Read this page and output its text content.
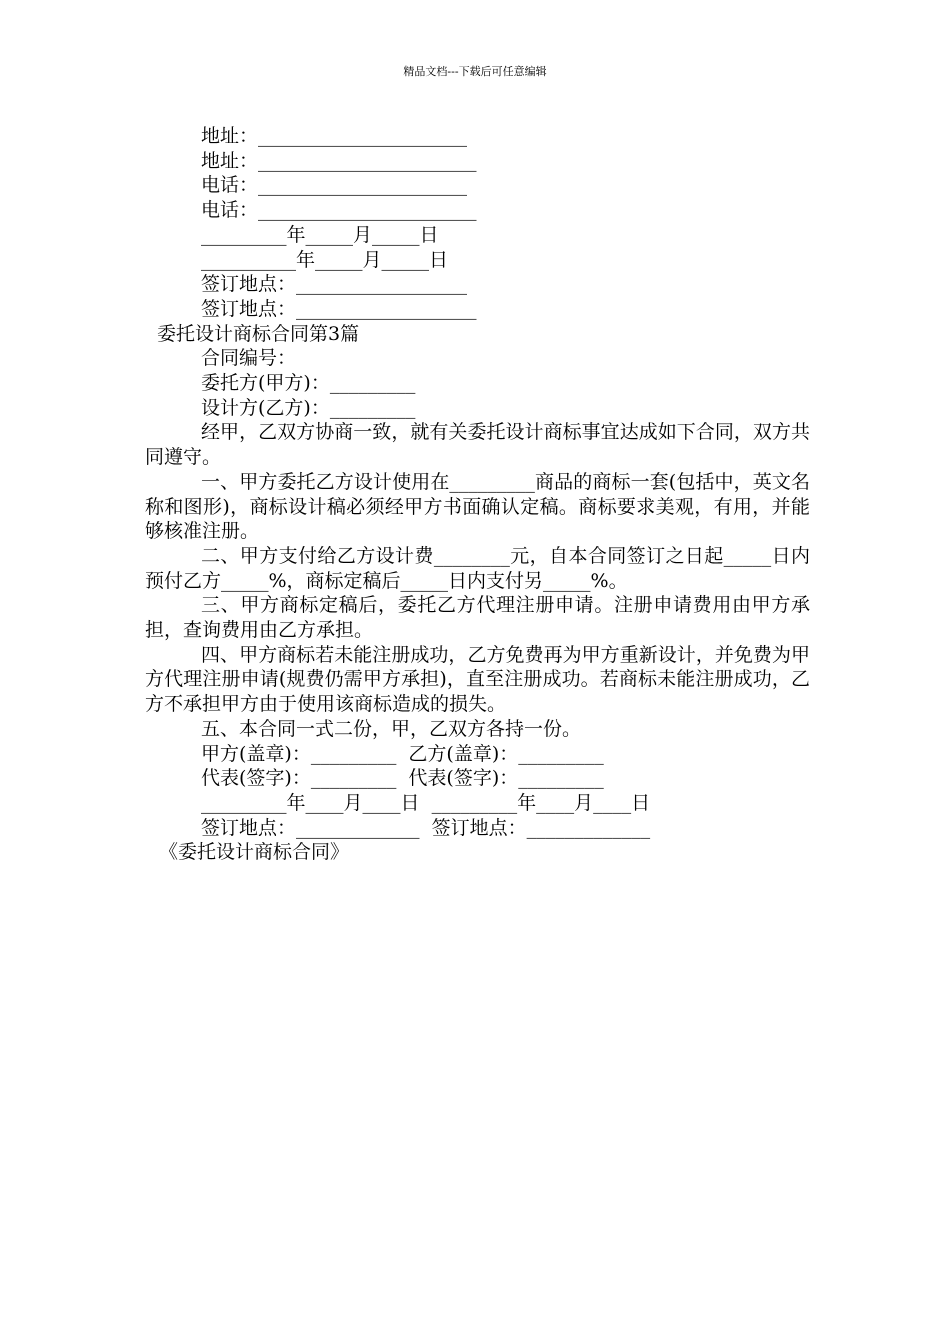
精品文档---下载后可任意编辑

地址：______________________

地址：_______________________

电话：______________________

电话：_______________________

_________年_____月_____日

__________年_____月_____日

签订地点：__________________

签订地点：___________________

委托设计商标合同第3篇

合同编号：

委托方(甲方)：_________

设计方(乙方)：_________

经甲，乙双方协商一致，就有关委托设计商标事宜达成如下合同，双方共同遵守。

一、甲方委托乙方设计使用在_________商品的商标一套(包括中，英文名称和图形)，商标设计稿必须经甲方书面确认定稿。商标要求美观，有用，并能够核准注册。

二、甲方支付给乙方设计费________元，自本合同签订之日起_____日内预付乙方_____%，商标定稿后_____日内支付另_____%。

三、甲方商标定稿后，委托乙方代理注册申请。注册申请费用由甲方承担，查询费用由乙方承担。

四、甲方商标若未能注册成功，乙方免费再为甲方重新设计，并免费为甲方代理注册申请(规费仍需甲方承担)，直至注册成功。若商标未能注册成功，乙方不承担甲方由于使用该商标造成的损失。

五、本合同一式二份，甲，乙双方各持一份。

甲方(盖章)：_________  乙方(盖章)：_________

代表(签字)：_________  代表(签字)：_________

_________年____月____日  _________年____月____日

签订地点：_____________  签订地点：_____________

《委托设计商标合同》
